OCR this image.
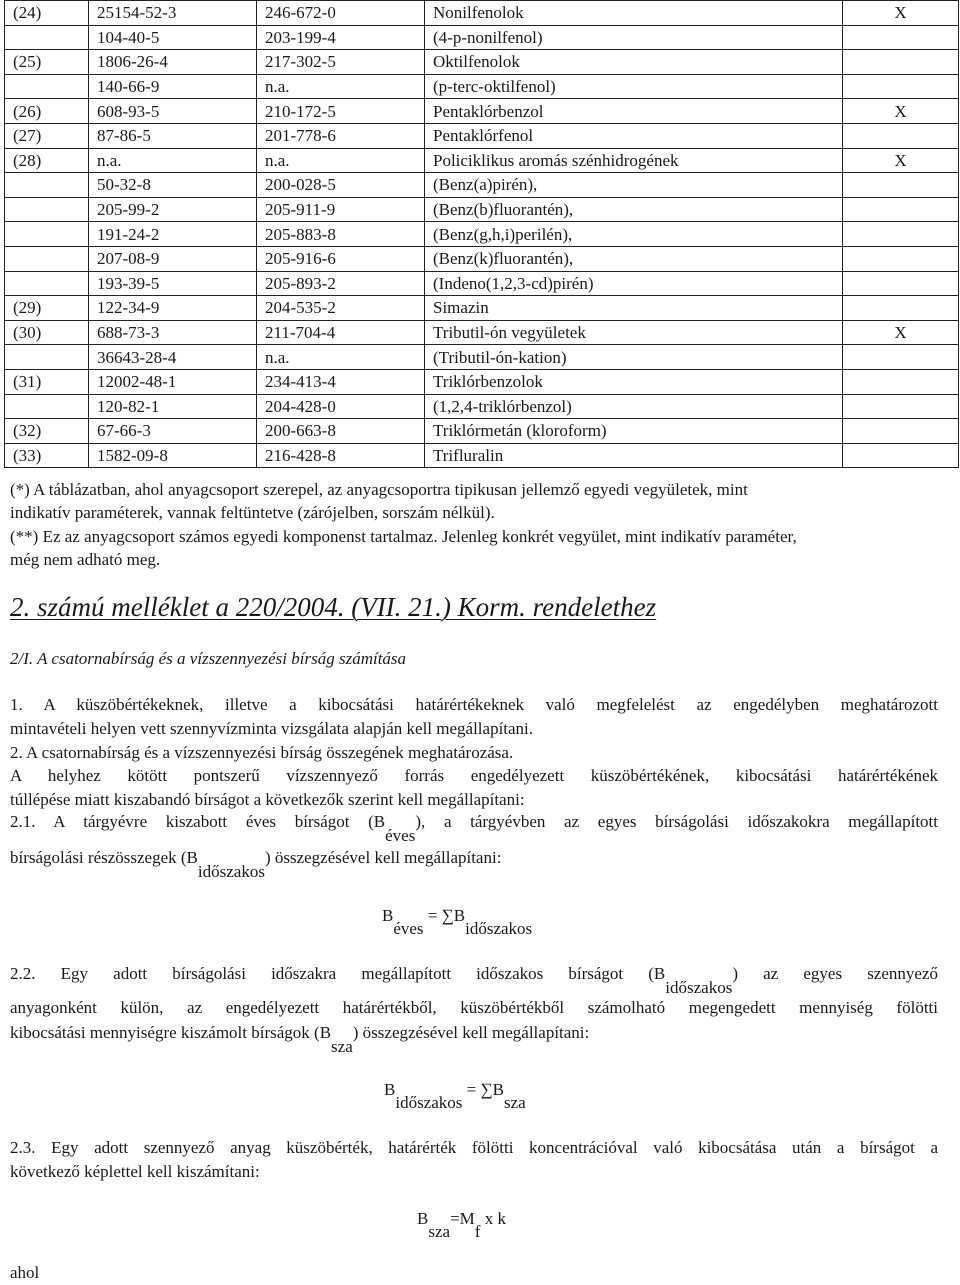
(24)	25154-52-3	246-672-0	Nonilfenolok	X
	104-40-5	203-199-4	(4-p-nonilfenol)	
(25)	1806-26-4	217-302-5	Oktilfenolok	
	140-66-9	n.a.	(p-terc-oktilfenol)	
(26)	608-93-5	210-172-5	Pentaklórbenzol	X
(27)	87-86-5	201-778-6	Pentaklórfenol	
(28)	n.a.	n.a.	Policiklikus aromás szénhidrogének	X
	50-32-8	200-028-5	(Benz(a)pirén),	
	205-99-2	205-911-9	(Benz(b)fluorantén),	
	191-24-2	205-883-8	(Benz(g,h,i)perilén),	
	207-08-9	205-916-6	(Benz(k)fluorantén),	
	193-39-5	205-893-2	(Indeno(1,2,3-cd)pirén)	
(29)	122-34-9	204-535-2	Simazin	
(30)	688-73-3	211-704-4	Tributil-ón vegyületek	X
	36643-28-4	n.a.	(Tributil-ón-kation)	
(31)	12002-48-1	234-413-4	Triklórbenzolok	
	120-82-1	204-428-0	(1,2,4-triklórbenzol)	
(32)	67-66-3	200-663-8	Triklórmetán (kloroform)	
(33)	1582-09-8	216-428-8	Trifluralin	

(*) A táblázatban, ahol anyagcsoport szerepel, az anyagcsoportra tipikusan jellemző egyedi vegyületek, mint

indikatív paraméterek, vannak feltüntetve (zárójelben, sorszám nélkül).

(**) Ez az anyagcsoport számos egyedi komponenst tartalmaz. Jelenleg konkrét vegyület, mint indikatív paraméter,

még nem adható meg.

2. számú melléklet a 220/2004. (VII. 21.) Korm. rendelethez
2/I. A csatornabírság és a vízszennyezési bírság számítása
1. A küszöbértékeknek, illetve a kibocsátási határértékeknek való megfelelést az engedélyben meghatározott
mintavételi helyen vett szennyvízminta vizsgálata alapján kell megállapítani.
2. A csatornabírság és a vízszennyezési bírság összegének meghatározása.
A helyhez kötött pontszerű vízszennyező forrás engedélyezett küszöbértékének, kibocsátási határértékének
túllépése miatt kiszabandó bírságot a következők szerint kell megállapítani:
2.1. A tárgyévre kiszabott éves bírságot $(B_{éves})$, a tárgyévben az egyes bírságolási időszakokra megállapított
bírságolási részösszegek $(B_{időszakos})$ összegzésével kell megállapítani:
$B_{éves} = \sum B_{időszakos}$
2.2. Egy adott bírságolási időszakra megállapított időszakos bírságot $(B_{időszakos})$ az egyes szennyező
anyagonként külön, az engedélyezett határértékből, küszöbértékből számolható megengedett mennyiség fölötti
kibocsátási mennyiségre kiszámolt bírságok $(B_{sza})$ összegzésével kell megállapítani:
$B_{időszakos} = \sum B_{sza}$
2.3. Egy adott szennyező anyag küszöbérték, határérték fölötti koncentrációval való kibocsátása után a bírságot a
következő képlettel kell kiszámítani:
$B_{sza}=M_f$ x k
ahol
